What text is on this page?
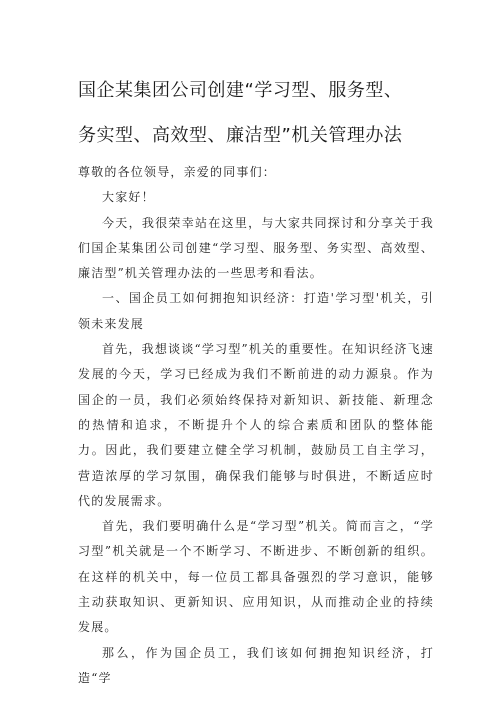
国企某集团公司创建“学习型、服务型、
务实型、高效型、廉洁型”机关管理办法

尊敬的各位领导，亲爱的同事们：

大家好！

今天，我很荣幸站在这里，与大家共同探讨和分享关于我们国企某集团公司创建“学习型、服务型、务实型、高效型、廉洁型”机关管理办法的一些思考和看法。

一、国企员工如何拥抱知识经济：打造'学习型'机关，引领未来发展

首先，我想谈谈“学习型”机关的重要性。在知识经济飞速发展的今天，学习已经成为我们不断前进的动力源泉。作为国企的一员，我们必须始终保持对新知识、新技能、新理念的热情和追求，不断提升个人的综合素质和团队的整体能力。因此，我们要建立健全学习机制，鼓励员工自主学习，营造浓厚的学习氛围，确保我们能够与时俱进，不断适应时代的发展需求。

首先，我们要明确什么是“学习型”机关。简而言之，“学习型”机关就是一个不断学习、不断进步、不断创新的组织。在这样的机关中，每一位员工都具备强烈的学习意识，能够主动获取知识、更新知识、应用知识，从而推动企业的持续发展。

那么，作为国企员工，我们该如何拥抱知识经济，打造“学
